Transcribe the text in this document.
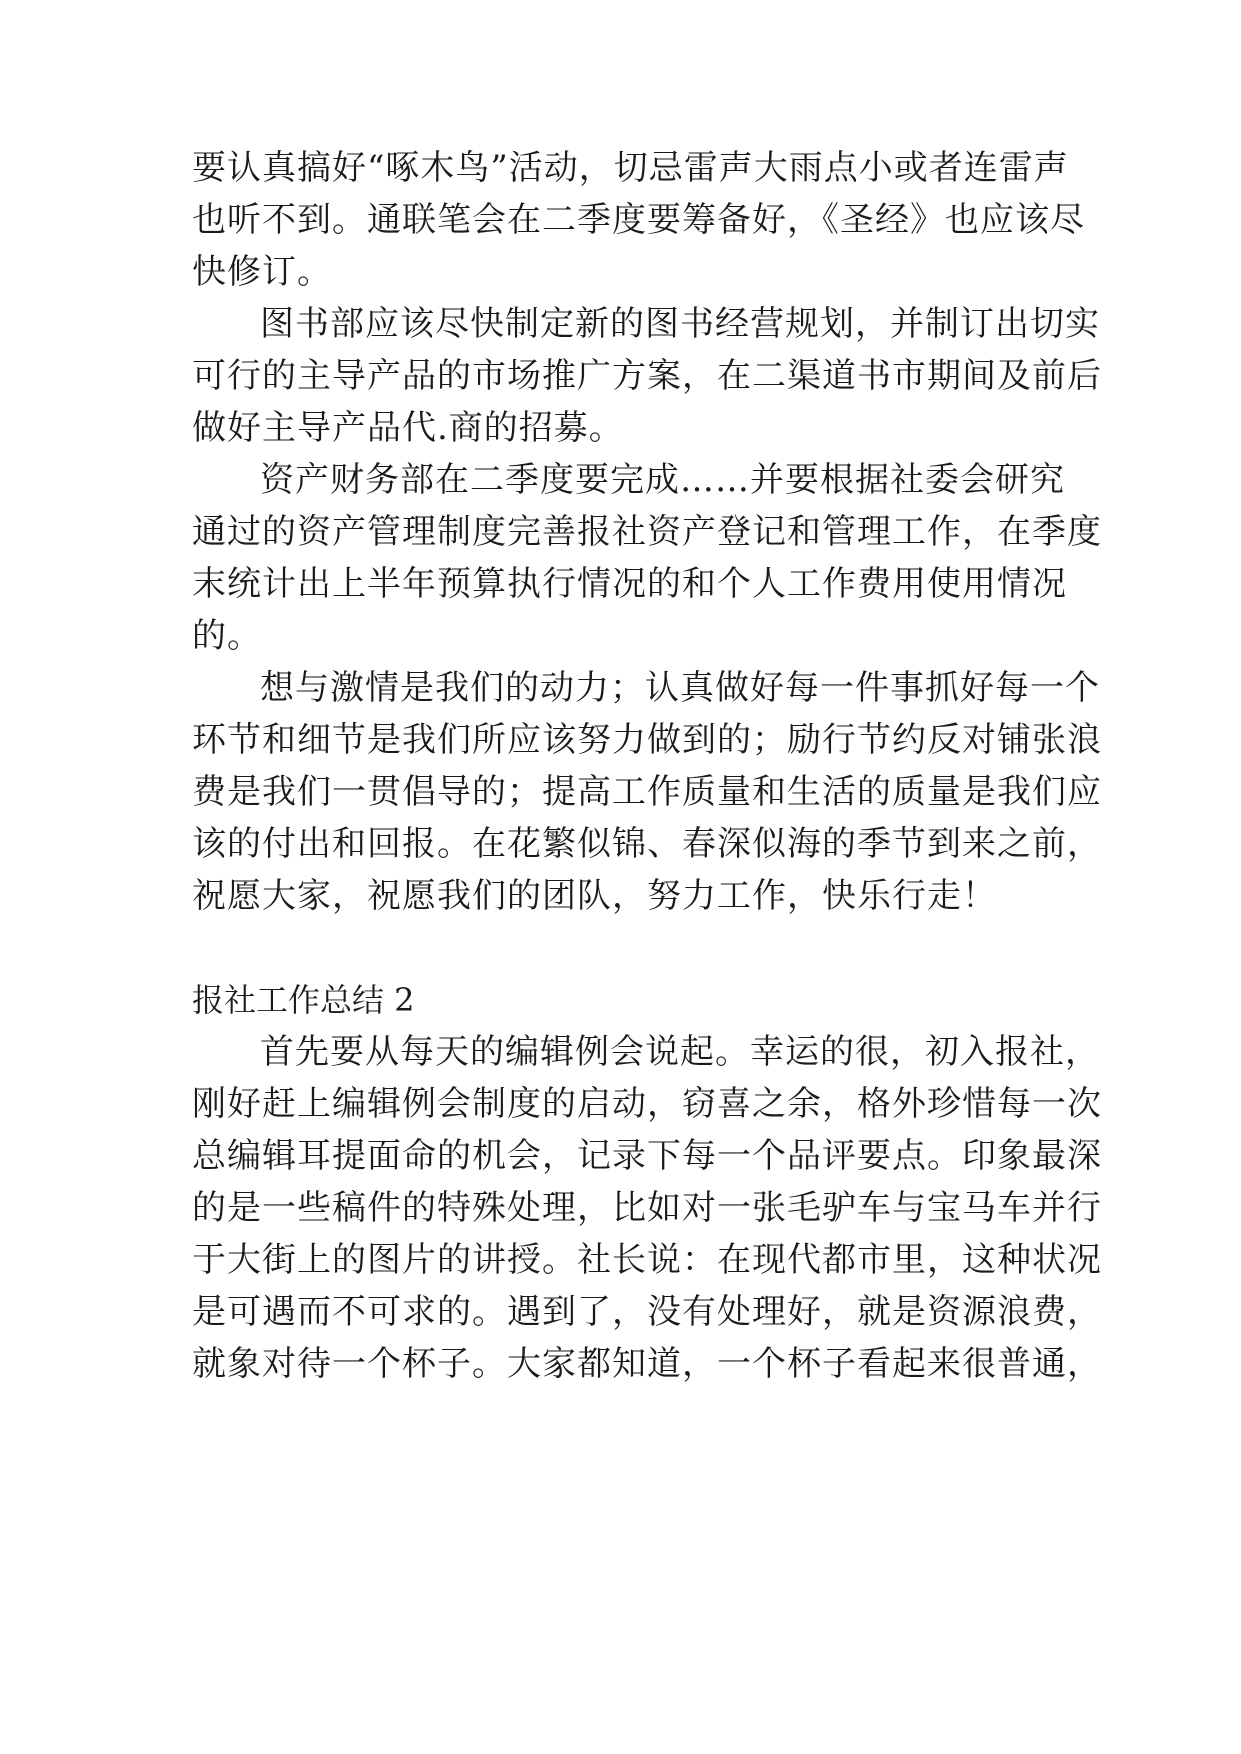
要认真搞好“啄木鸟”活动，切忌雷声大雨点小或者连雷声
也听不到。通联笔会在二季度要筹备好，《圣经》也应该尽
快修订。
图书部应该尽快制定新的图书经营规划，并制订出切实
可行的主导产品的市场推广方案，在二渠道书市期间及前后
做好主导产品代.商的招募。
资产财务部在二季度要完成……并要根据社委会研究
通过的资产管理制度完善报社资产登记和管理工作，在季度
末统计出上半年预算执行情况的和个人工作费用使用情况
的。
想与激情是我们的动力；认真做好每一件事抓好每一个
环节和细节是我们所应该努力做到的；励行节约反对铺张浪
费是我们一贯倡导的；提高工作质量和生活的质量是我们应
该的付出和回报。在花繁似锦、春深似海的季节到来之前，
祝愿大家，祝愿我们的团队，努力工作，快乐行走！
报社工作总结 2
首先要从每天的编辑例会说起。幸运的很，初入报社，
刚好赶上编辑例会制度的启动，窃喜之余，格外珍惜每一次
总编辑耳提面命的机会，记录下每一个品评要点。印象最深
的是一些稿件的特殊处理，比如对一张毛驴车与宝马车并行
于大街上的图片的讲授。社长说：在现代都市里，这种状况
是可遇而不可求的。遇到了，没有处理好，就是资源浪费，
就象对待一个杯子。大家都知道，一个杯子看起来很普通，
